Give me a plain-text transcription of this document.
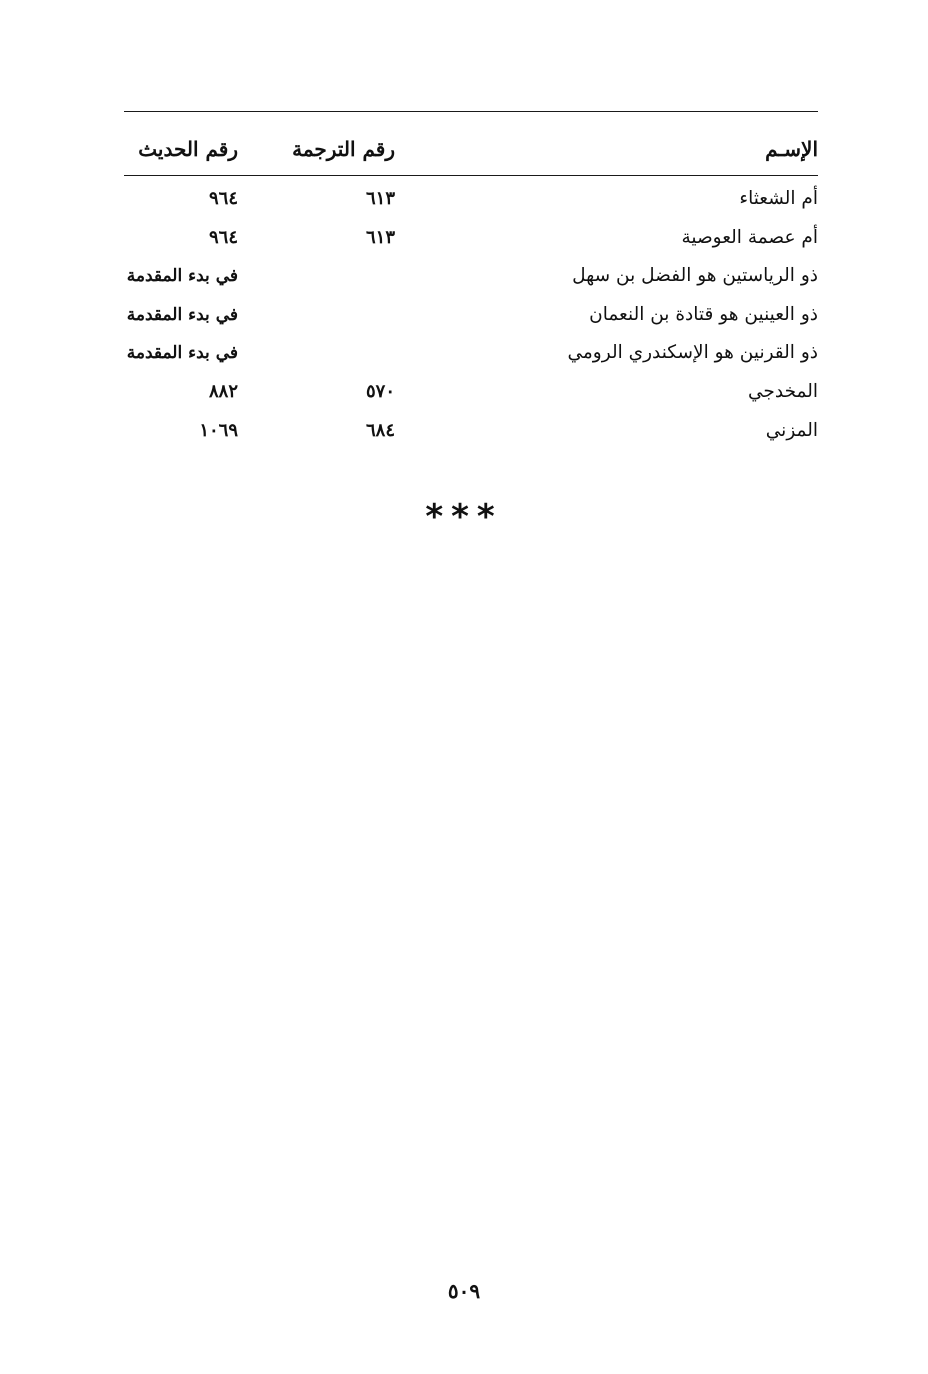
الإسـم
رقم الترجمة
رقم الحديث
أم الشعثاء
٦١٣
٩٦٤
أم عصمة العوصية
٦١٣
٩٦٤
ذو الرياستين هو الفضل بن سهل
في بدء المقدمة
ذو العينين هو قتادة بن النعمان
في بدء المقدمة
ذو القرنين هو الإسكندري الرومي
في بدء المقدمة
المخدجي
٥٧٠
٨٨٢
المزني
٦٨٤
١٠٦٩
***
٥٠٩
